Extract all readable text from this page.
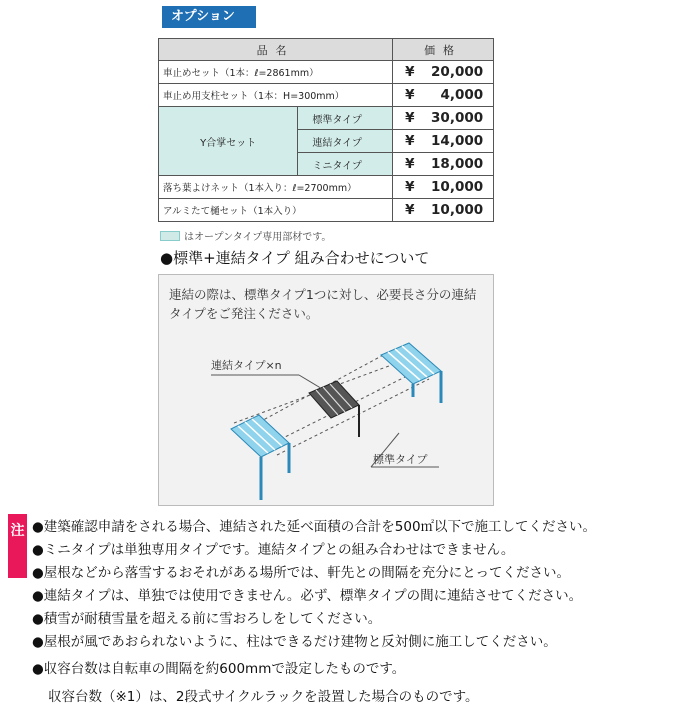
オプション
品名		価格
車止めセット（1本：ℓ=2861mm）		¥ 20,000
車止め用支柱セット（1本：H=300mm）		¥ 4,000
Y合掌セット	標準タイプ	¥ 30,000
	連結タイプ	¥ 14,000
	ミニタイプ	¥ 18,000
落ち葉よけネット（1本入り：ℓ=2700mm）		¥ 10,000
アルミたて樋セット（1本入り）		¥ 10,000
はオープンタイプ専用部材です。
●標準+連結タイプ 組み合わせについて
連結の際は、標準タイプ1つに対し、必要長さ分の連結タイプをご発注ください。
連結タイプ×n
標準タイプ
注 ●建築確認申請をされる場合、連結された延べ面積の合計を500㎡以下で施工してください。
●ミニタイプは単独専用タイプです。連結タイプとの組み合わせはできません。
●屋根などから落雪するおそれがある場所では、軒先との間隔を充分にとってください。
●連結タイプは、単独では使用できません。必ず、標準タイプの間に連結させてください。
●積雪が耐積雪量を超える前に雪おろしをしてください。
●屋根が風であおられないように、柱はできるだけ建物と反対側に施工してください。
●収容台数は自転車の間隔を約600mmで設定したものです。
収容台数（※1）は、2段式サイクルラックを設置した場合のものです。
